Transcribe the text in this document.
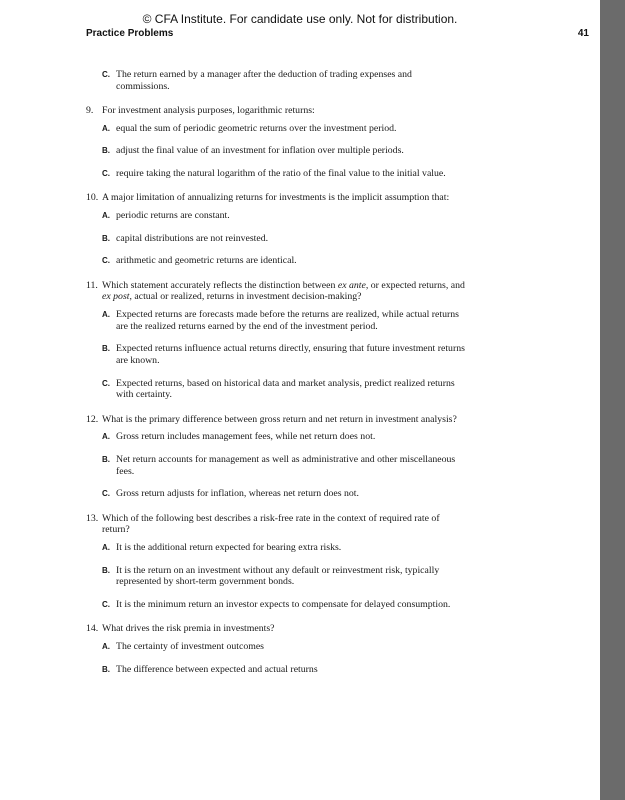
© CFA Institute. For candidate use only. Not for distribution.
Practice Problems	41
C. The return earned by a manager after the deduction of trading expenses and commissions.
9. For investment analysis purposes, logarithmic returns:
A. equal the sum of periodic geometric returns over the investment period.
B. adjust the final value of an investment for inflation over multiple periods.
C. require taking the natural logarithm of the ratio of the final value to the initial value.
10. A major limitation of annualizing returns for investments is the implicit assumption that:
A. periodic returns are constant.
B. capital distributions are not reinvested.
C. arithmetic and geometric returns are identical.
11. Which statement accurately reflects the distinction between ex ante, or expected returns, and ex post, actual or realized, returns in investment decision-making?
A. Expected returns are forecasts made before the returns are realized, while actual returns are the realized returns earned by the end of the investment period.
B. Expected returns influence actual returns directly, ensuring that future investment returns are known.
C. Expected returns, based on historical data and market analysis, predict realized returns with certainty.
12. What is the primary difference between gross return and net return in investment analysis?
A. Gross return includes management fees, while net return does not.
B. Net return accounts for management as well as administrative and other miscellaneous fees.
C. Gross return adjusts for inflation, whereas net return does not.
13. Which of the following best describes a risk-free rate in the context of required rate of return?
A. It is the additional return expected for bearing extra risks.
B. It is the return on an investment without any default or reinvestment risk, typically represented by short-term government bonds.
C. It is the minimum return an investor expects to compensate for delayed consumption.
14. What drives the risk premia in investments?
A. The certainty of investment outcomes
B. The difference between expected and actual returns
